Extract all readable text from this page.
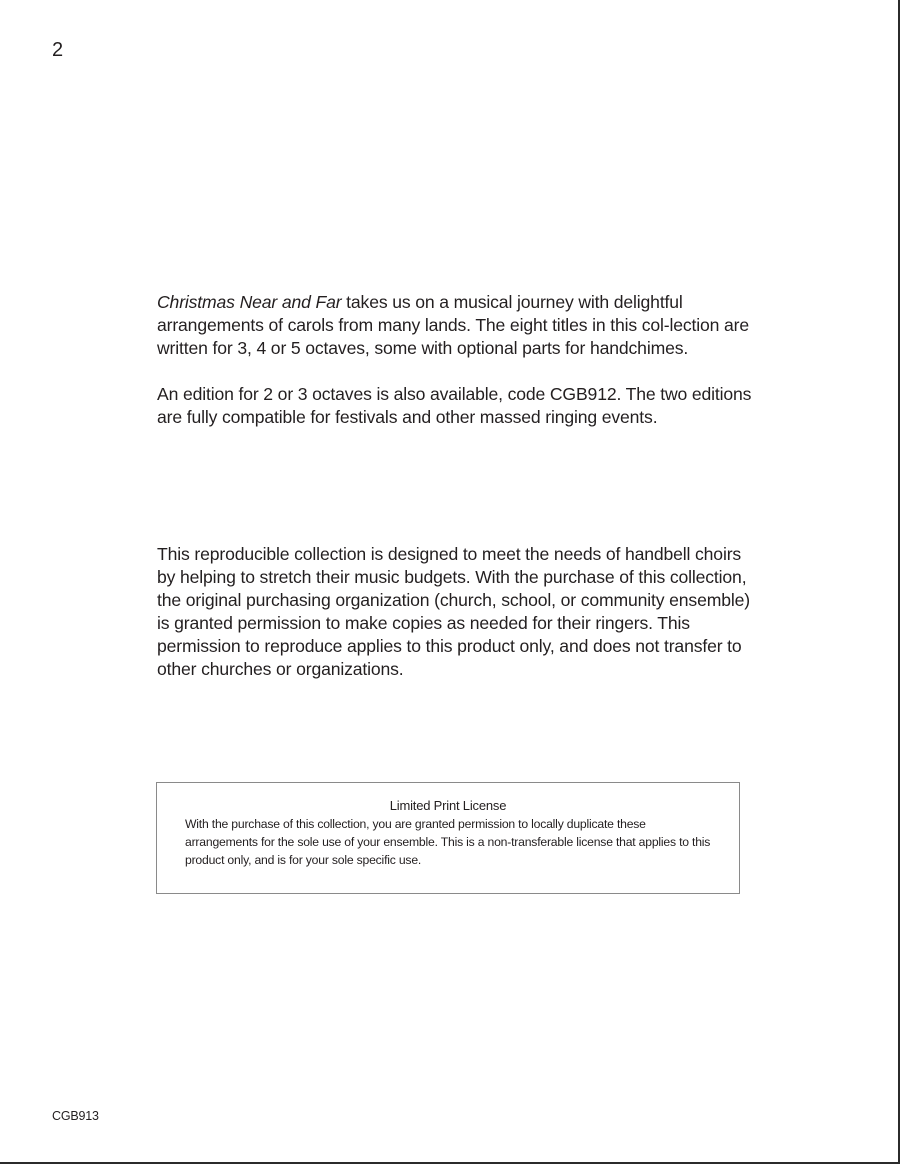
2

Christmas Near and Far takes us on a musical journey with delightful arrangements of carols from many lands. The eight titles in this col-lection are written for 3, 4 or 5 octaves, some with optional parts for handchimes.

An edition for 2 or 3 octaves is also available, code CGB912. The two editions are fully compatible for festivals and other massed ringing events.

This reproducible collection is designed to meet the needs of handbell choirs by helping to stretch their music budgets. With the purchase of this collection, the original purchasing organization (church, school, or community ensemble) is granted permission to make copies as needed for their ringers. This permission to reproduce applies to this product only, and does not transfer to other churches or organizations.

Limited Print License

With the purchase of this collection, you are granted permission to locally duplicate these arrangements for the sole use of your ensemble. This is a non-transferable license that applies to this product only, and is for your sole specific use.

CGB913
